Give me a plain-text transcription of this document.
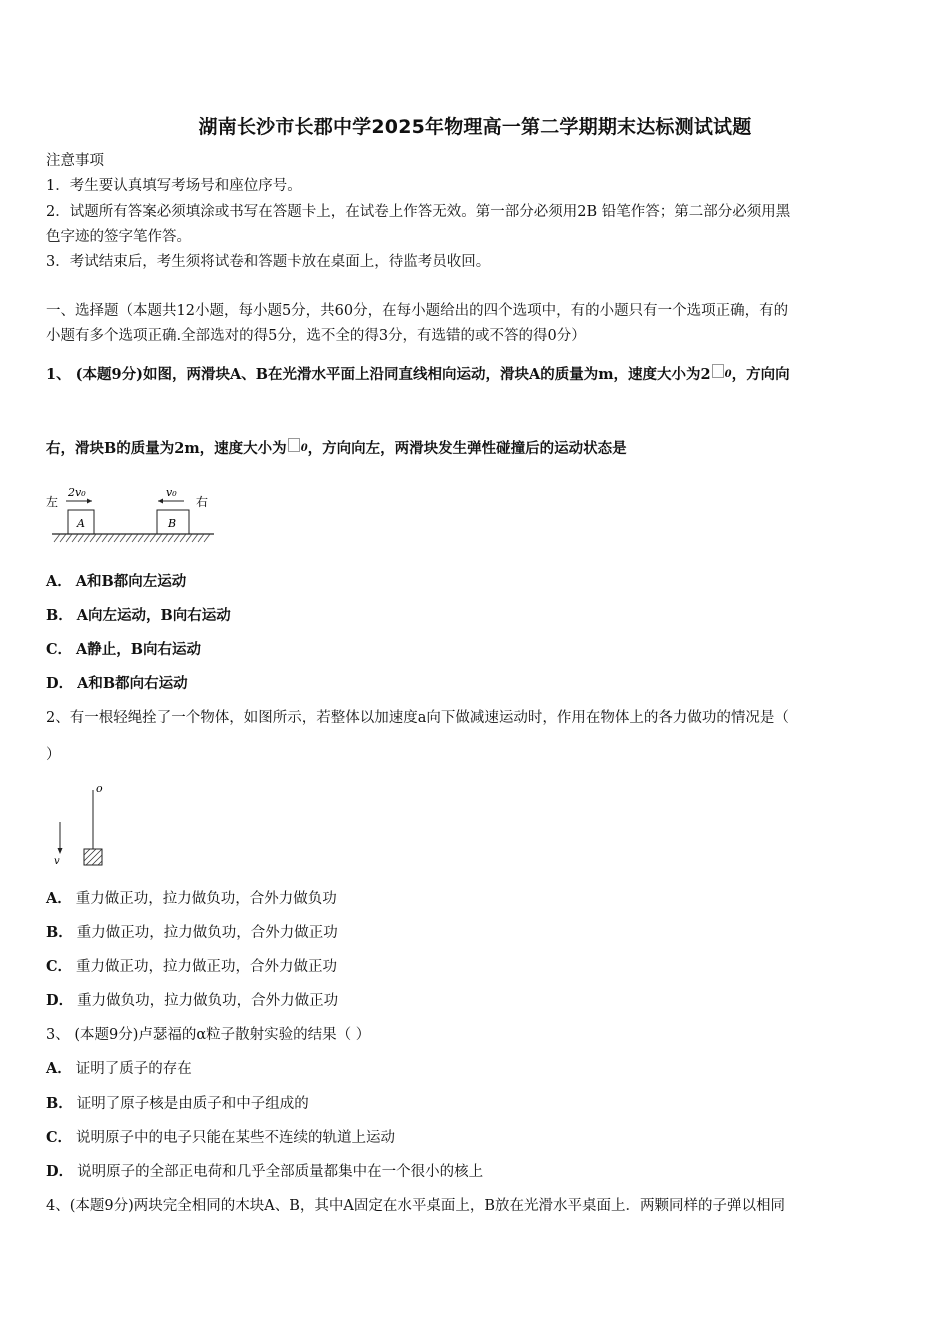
湖南长沙市长郡中学2025年物理高一第二学期期末达标测试试题
注意事项
1．考生要认真填写考场号和座位序号。
2．试题所有答案必须填涂或书写在答题卡上，在试卷上作答无效。第一部分必须用2B 铅笔作答；第二部分必须用黑
色字迹的签字笔作答。
3．考试结束后，考生须将试卷和答题卡放在桌面上，待监考员收回。
一、选择题（本题共12小题，每小题5分，共60分，在每小题给出的四个选项中，有的小题只有一个选项正确，有的
小题有多个选项正确.全部选对的得5分，选不全的得3分，有选错的或不答的得0分）
1、 (本题9分)如图，两滑块A、B在光滑水平面上沿同直线相向运动，滑块A的质量为m，速度大小为2 $^0$，方向向
右，滑块B的质量为2m，速度大小为 $^0$，方向向左，两滑块发生弹性碰撞后的运动状态是
左	右
2v₀	v₀
A	B
A． A和B都向左运动
B． A向左运动，B向右运动
C． A静止，B向右运动
D． A和B都向右运动
2、有一根轻绳拴了一个物体，如图所示，若整体以加速度a向下做减速运动时，作用在物体上的各力做功的情况是（
）
o
v
A． 重力做正功，拉力做负功，合外力做负功
B． 重力做正功，拉力做负功，合外力做正功
C． 重力做正功，拉力做正功，合外力做正功
D． 重力做负功，拉力做负功，合外力做正功
3、 (本题9分)卢瑟福的α粒子散射实验的结果（ ）
A． 证明了质子的存在
B． 证明了原子核是由质子和中子组成的
C． 说明原子中的电子只能在某些不连续的轨道上运动
D． 说明原子的全部正电荷和几乎全部质量都集中在一个很小的核上
4、(本题9分)两块完全相同的木块A、B，其中A固定在水平桌面上，B放在光滑水平桌面上．两颗同样的子弹以相同
